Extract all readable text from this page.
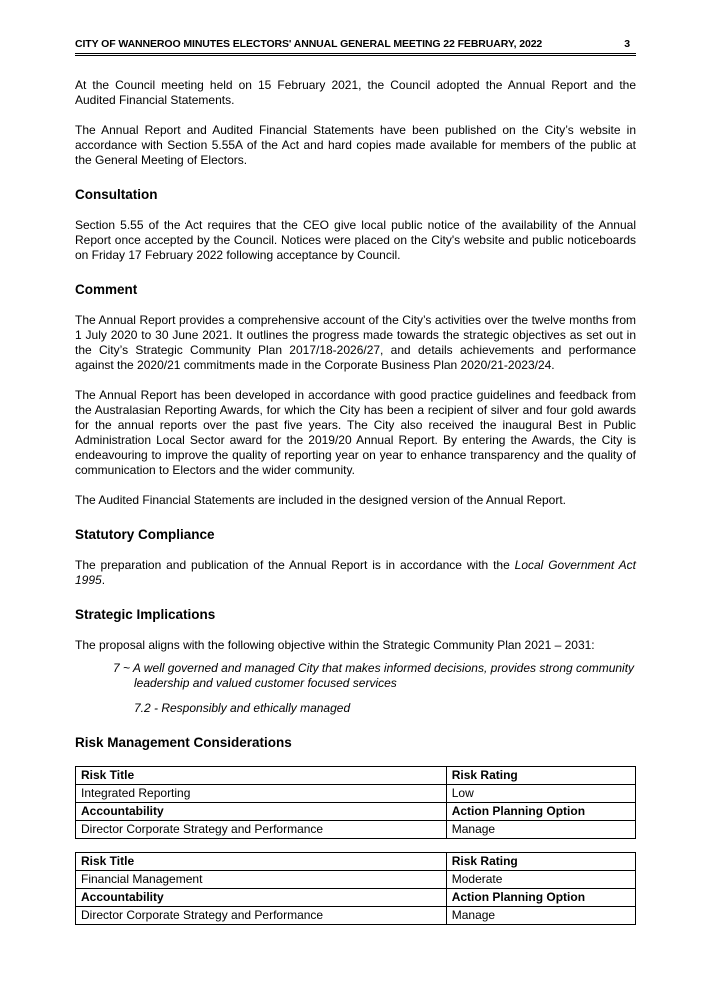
CITY OF WANNEROO MINUTES ELECTORS' ANNUAL GENERAL MEETING 22 FEBRUARY, 2022	3

At the Council meeting held on 15 February 2021, the Council adopted the Annual Report and the Audited Financial Statements.

The Annual Report and Audited Financial Statements have been published on the City’s website in accordance with Section 5.55A of the Act and hard copies made available for members of the public at the General Meeting of Electors.

Consultation

Section 5.55 of the Act requires that the CEO give local public notice of the availability of the Annual Report once accepted by the Council. Notices were placed on the City's website and public noticeboards on Friday 17 February 2022 following acceptance by Council.

Comment

The Annual Report provides a comprehensive account of the City’s activities over the twelve months from 1 July 2020 to 30 June 2021. It outlines the progress made towards the strategic objectives as set out in the City’s Strategic Community Plan 2017/18-2026/27, and details achievements and performance against the 2020/21 commitments made in the Corporate Business Plan 2020/21-2023/24.

The Annual Report has been developed in accordance with good practice guidelines and feedback from the Australasian Reporting Awards, for which the City has been a recipient of silver and four gold awards for the annual reports over the past five years. The City also received the inaugural Best in Public Administration Local Sector award for the 2019/20 Annual Report. By entering the Awards, the City is endeavouring to improve the quality of reporting year on year to enhance transparency and the quality of communication to Electors and the wider community.

The Audited Financial Statements are included in the designed version of the Annual Report.

Statutory Compliance

The preparation and publication of the Annual Report is in accordance with the Local Government Act 1995.

Strategic Implications

The proposal aligns with the following objective within the Strategic Community Plan 2021 – 2031:

7 ~ A well governed and managed City that makes informed decisions, provides strong community leadership and valued customer focused services

7.2 - Responsibly and ethically managed

Risk Management Considerations
Risk Title	Risk Rating
Integrated Reporting	Low
Accountability	Action Planning Option
Director Corporate Strategy and Performance	Manage
Risk Title	Risk Rating
Financial Management	Moderate
Accountability	Action Planning Option
Director Corporate Strategy and Performance	Manage
